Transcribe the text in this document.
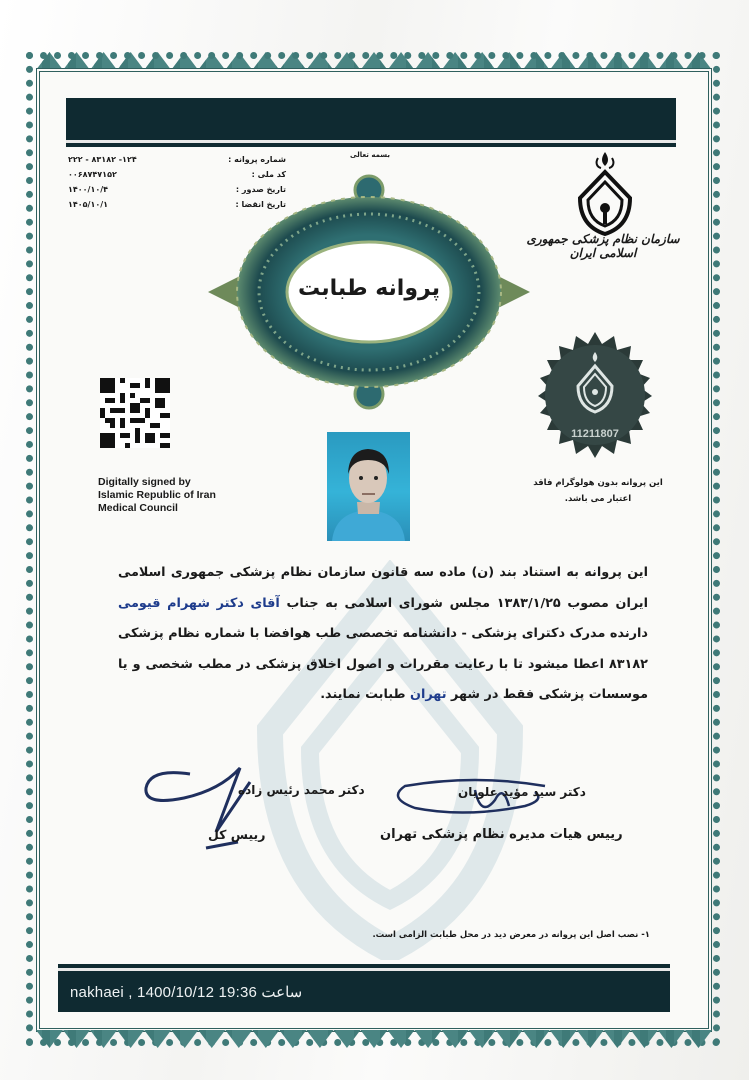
بسمه تعالی
۲۲۲ - ۸۳۱۸۲ -۱۲۴	شماره پروانه :
۰۰۶۸۷۴۷۱۵۲	کد ملی :
۱۴۰۰/۱۰/۴	تاریخ صدور :
۱۴۰۵/۱۰/۱	تاریخ انقضا :
پروانه طبابت
سازمان نظام پزشکی جمهوری اسلامی ایران
11211807
این پروانه بدون هولوگرام فاقد
اعتبار می باشد.
Digitally signed by
Islamic Republic of Iran
Medical Council
این پروانه به استناد بند (ن) ماده سه قانون سازمان نظام پزشکی جمهوری اسلامی ایران مصوب ۱۳۸۳/۱/۲۵ مجلس شورای اسلامی به جناب آقای دکتر شهرام قیومی دارنده مدرک دکترای پزشکی - دانشنامه تخصصی طب هوافضا با شماره نظام پزشکی ۸۳۱۸۲ اعطا میشود تا با رعایت مقررات و اصول اخلاق پزشکی در مطب شخصی و یا موسسات پزشکی فقط در شهر تهران طبابت نمایند.
دکتر محمد رئیس زاده
رییس کل
دکتر سید مؤید علویان
رییس هیات مدیره نظام پزشکی تهران
۱- نصب اصل این پروانه در معرض دید در محل طبابت الزامی است.
nakhaei , 1400/10/12 19:36 ساعت
